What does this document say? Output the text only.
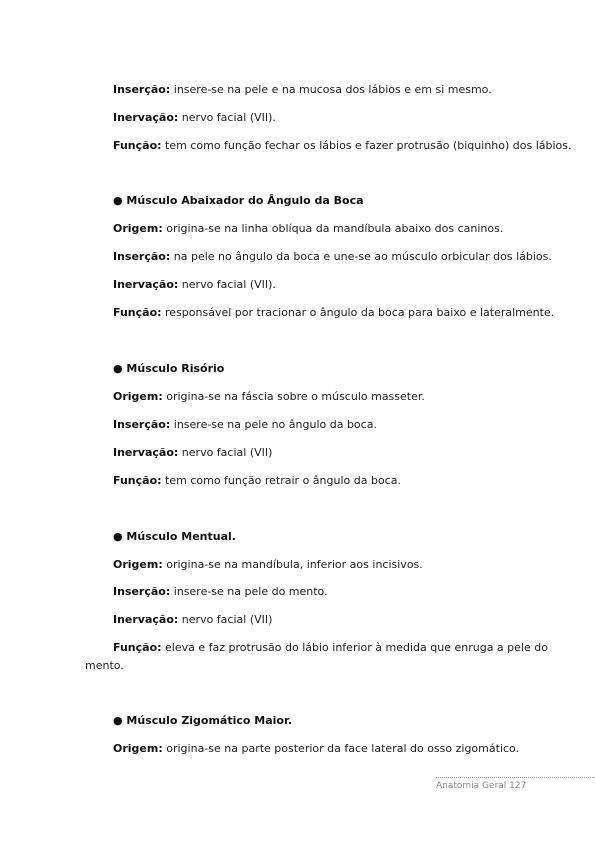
Inserção: insere-se na pele e na mucosa dos lábios e em si mesmo.
Inervação: nervo facial (VII).
Função: tem como função fechar os lábios e fazer protrusão (biquinho) dos lábios.
● Músculo Abaixador do Ângulo da Boca
Origem: origina-se na linha oblíqua da mandíbula abaixo dos caninos.
Inserção: na pele no ângulo da boca e une-se ao músculo orbicular dos lábios.
Inervação: nervo facial (VII).
Função: responsável por tracionar o ângulo da boca para baixo e lateralmente.
● Músculo Risório
Origem: origina-se na fáscia sobre o músculo masseter.
Inserção: insere-se na pele no ângulo da boca.
Inervação: nervo facial (VII)
Função: tem como função retrair o ângulo da boca.
● Músculo Mentual.
Origem: origina-se na mandíbula, inferior aos incisivos.
Inserção: insere-se na pele do mento.
Inervação: nervo facial (VII)
Função: eleva e faz protrusão do lábio inferior à medida que enruga a pele do
mento.
● Músculo Zigomático Maior.
Origem: origina-se na parte posterior da face lateral do osso zigomático.
Anatomia Geral 127
